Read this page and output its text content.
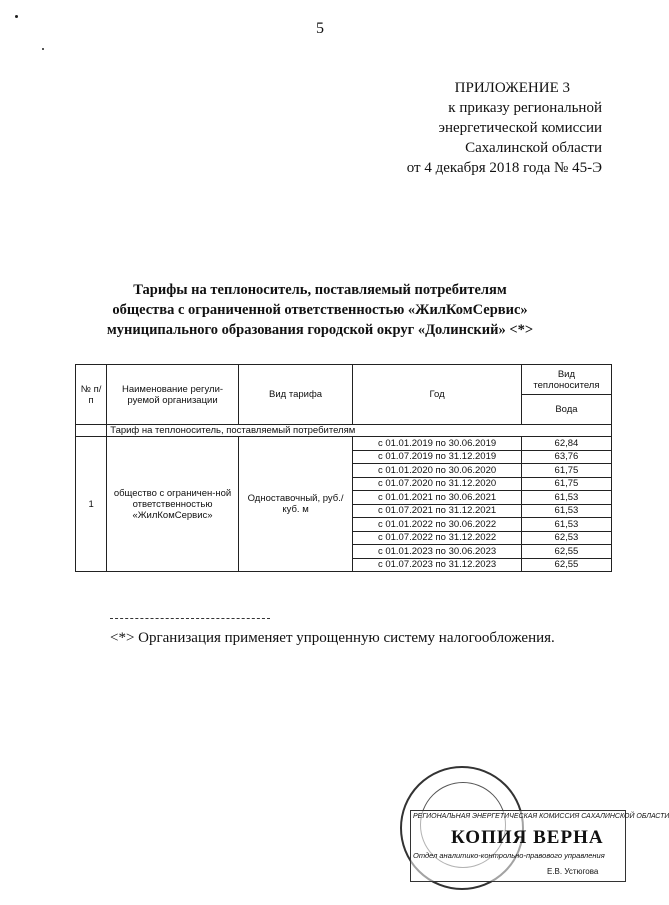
5
ПРИЛОЖЕНИЕ 3
к приказу региональной
энергетической комиссии
Сахалинской области
от 4 декабря 2018 года № 45-Э
Тарифы на теплоноситель, поставляемый потребителям
общества с ограниченной ответственностью «ЖилКомСервис»
муниципального образования городской округ «Долинский» <*>
№ п/п	Наименование регули-руемой организации	Вид тарифа	Год	Вид теплоносителя
				Вода
	Тариф на теплоноситель, поставляемый потребителям			
1	общество с ограничен-ной ответственностью «ЖилКомСервис»	Одноставочный, руб./куб. м	с 01.01.2019 по 30.06.2019	62,84
			с 01.07.2019 по 31.12.2019	63,76
			с 01.01.2020 по 30.06.2020	61,75
			с 01.07.2020 по 31.12.2020	61,75
			с 01.01.2021 по 30.06.2021	61,53
			с 01.07.2021 по 31.12.2021	61,53
			с 01.01.2022 по 30.06.2022	61,53
			с 01.07.2022 по 31.12.2022	62,53
			с 01.01.2023 по 30.06.2023	62,55
			с 01.07.2023 по 31.12.2023	62,55
<*> Организация применяет упрощенную систему налогообложения.
РЕГИОНАЛЬНАЯ ЭНЕРГЕТИЧЕСКАЯ КОМИССИЯ САХАЛИНСКОЙ ОБЛАСТИ
КОПИЯ ВЕРНА
Отдел аналитико-контрольно-правового управления
Е.В. Устюгова
